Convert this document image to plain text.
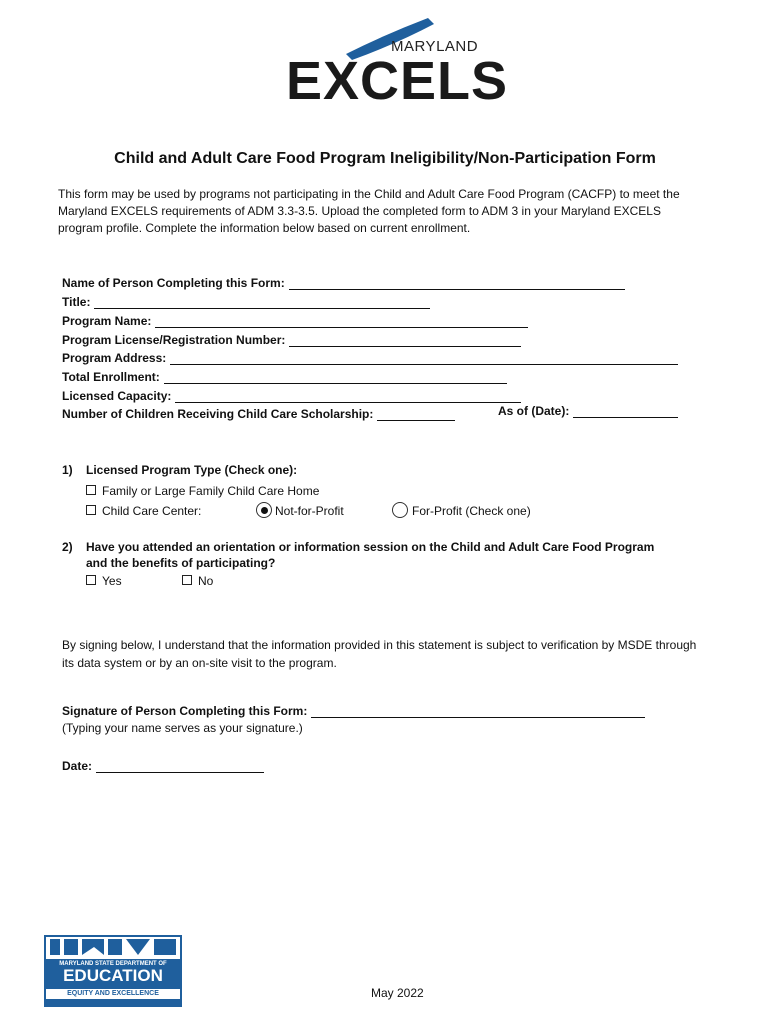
MARYLAND
EXCELS
Child and Adult Care Food Program Ineligibility/Non-Participation Form
This form may be used by programs not participating in the Child and Adult Care Food Program (CACFP) to meet the Maryland EXCELS requirements of ADM 3.3-3.5. Upload the completed form to ADM 3 in your Maryland EXCELS program profile. Complete the information below based on current enrollment.
Name of Person Completing this Form:
Title:
Program Name:
Program License/Registration Number:
Program Address:
Total Enrollment:
Licensed Capacity:
Number of Children Receiving Child Care Scholarship:	As of (Date):
1) Licensed Program Type (Check one):
Family or Large Family Child Care Home
Child Care Center:	Not-for-Profit	For-Profit (Check one)
2) Have you attended an orientation or information session on the Child and Adult Care Food Program
and the benefits of participating?
Yes	No
By signing below, I understand that the information provided in this statement is subject to verification by MSDE through its data system or by an on-site visit to the program.
Signature of Person Completing this Form:
(Typing your name serves as your signature.)
Date:
MARYLAND STATE DEPARTMENT OF
EDUCATION
EQUITY AND EXCELLENCE	May 2022
